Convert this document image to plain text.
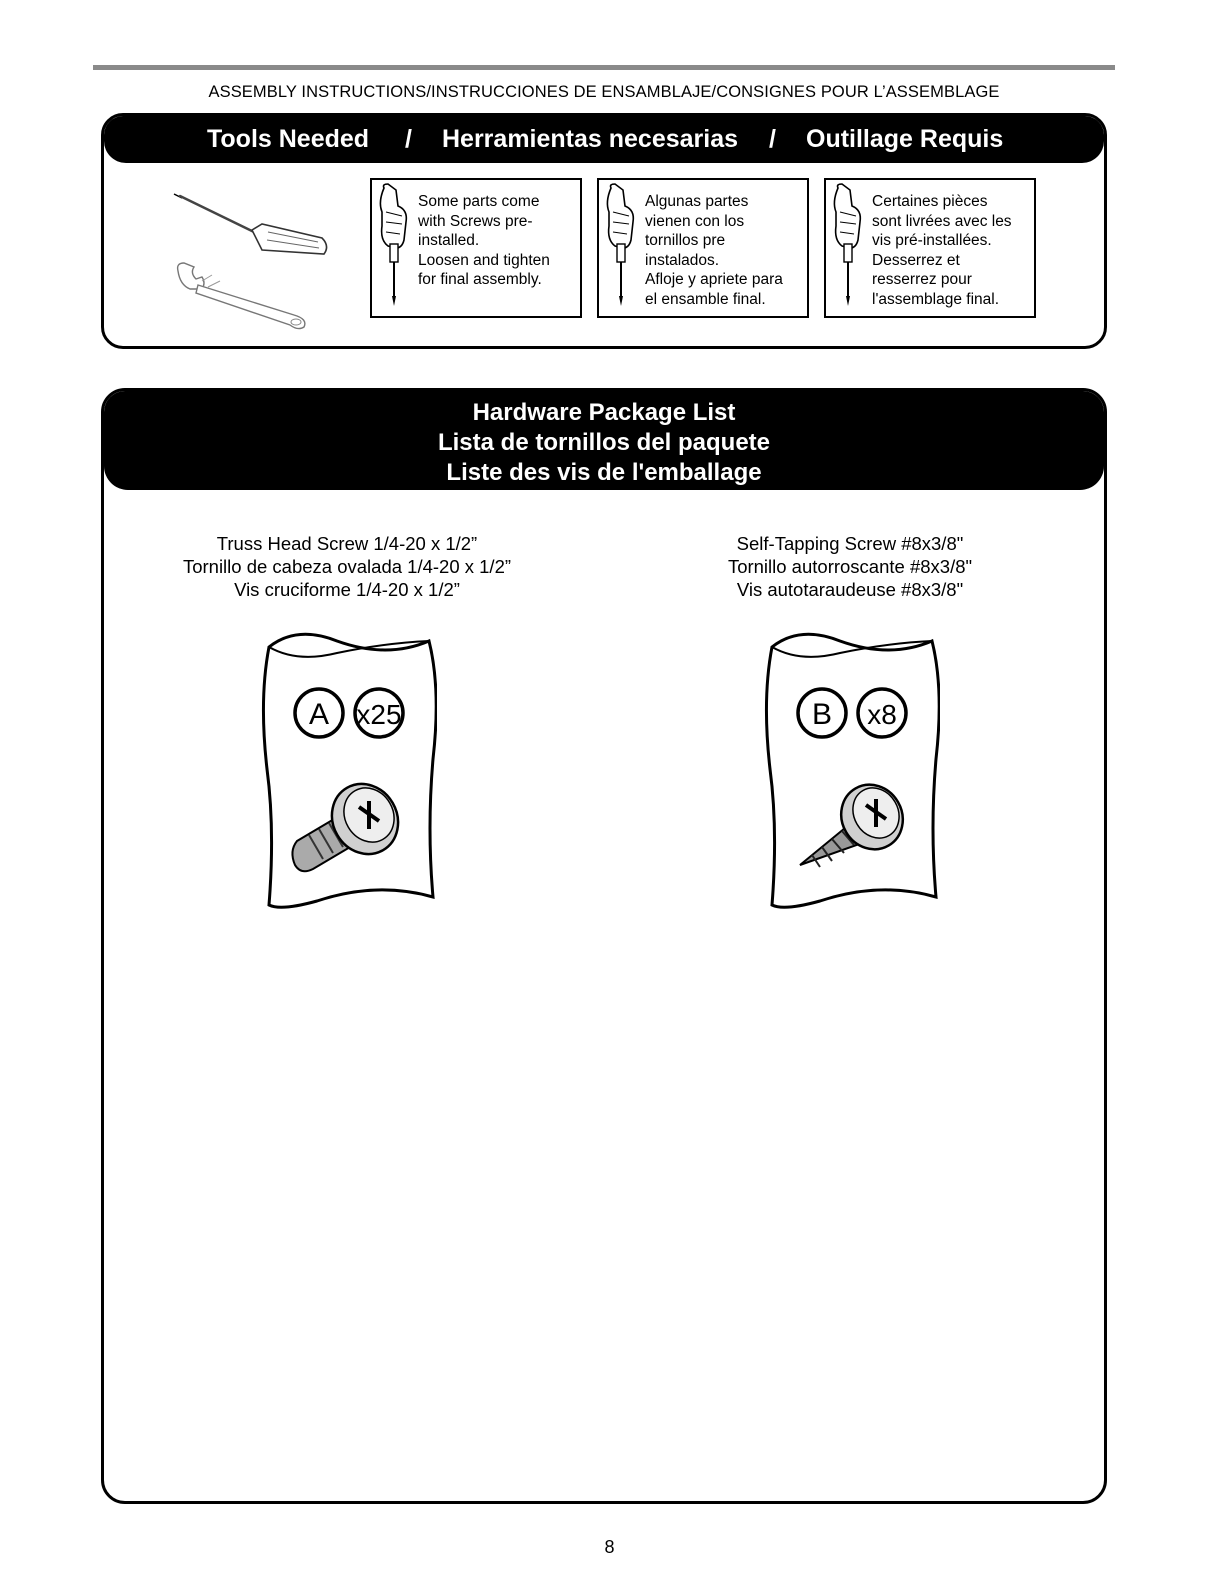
ASSEMBLY INSTRUCTIONS/INSTRUCCIONES DE ENSAMBLAJE/CONSIGNES POUR L’ASSEMBLAGE
Tools Needed / Herramientas necesarias / Outillage Requis
Some parts come
with Screws pre-
installed.
Loosen and tighten
for final assembly.
Algunas partes
vienen con los
tornillos pre
instalados.
Afloje y apriete para
el ensamble final.
Certaines pièces
sont livrées avec les
vis pré-installées.
Desserrez et
resserrez pour
l'assemblage final.
Hardware Package List
Lista de tornillos del paquete
Liste des vis de l'emballage
Truss Head Screw 1/4-20 x 1/2”
Tornillo de cabeza ovalada 1/4-20 x 1/2”
Vis cruciforme 1/4-20 x 1/2”
A x25
Self-Tapping Screw #8x3/8"
Tornillo autorroscante #8x3/8"
Vis autotaraudeuse #8x3/8"
B x8
8
